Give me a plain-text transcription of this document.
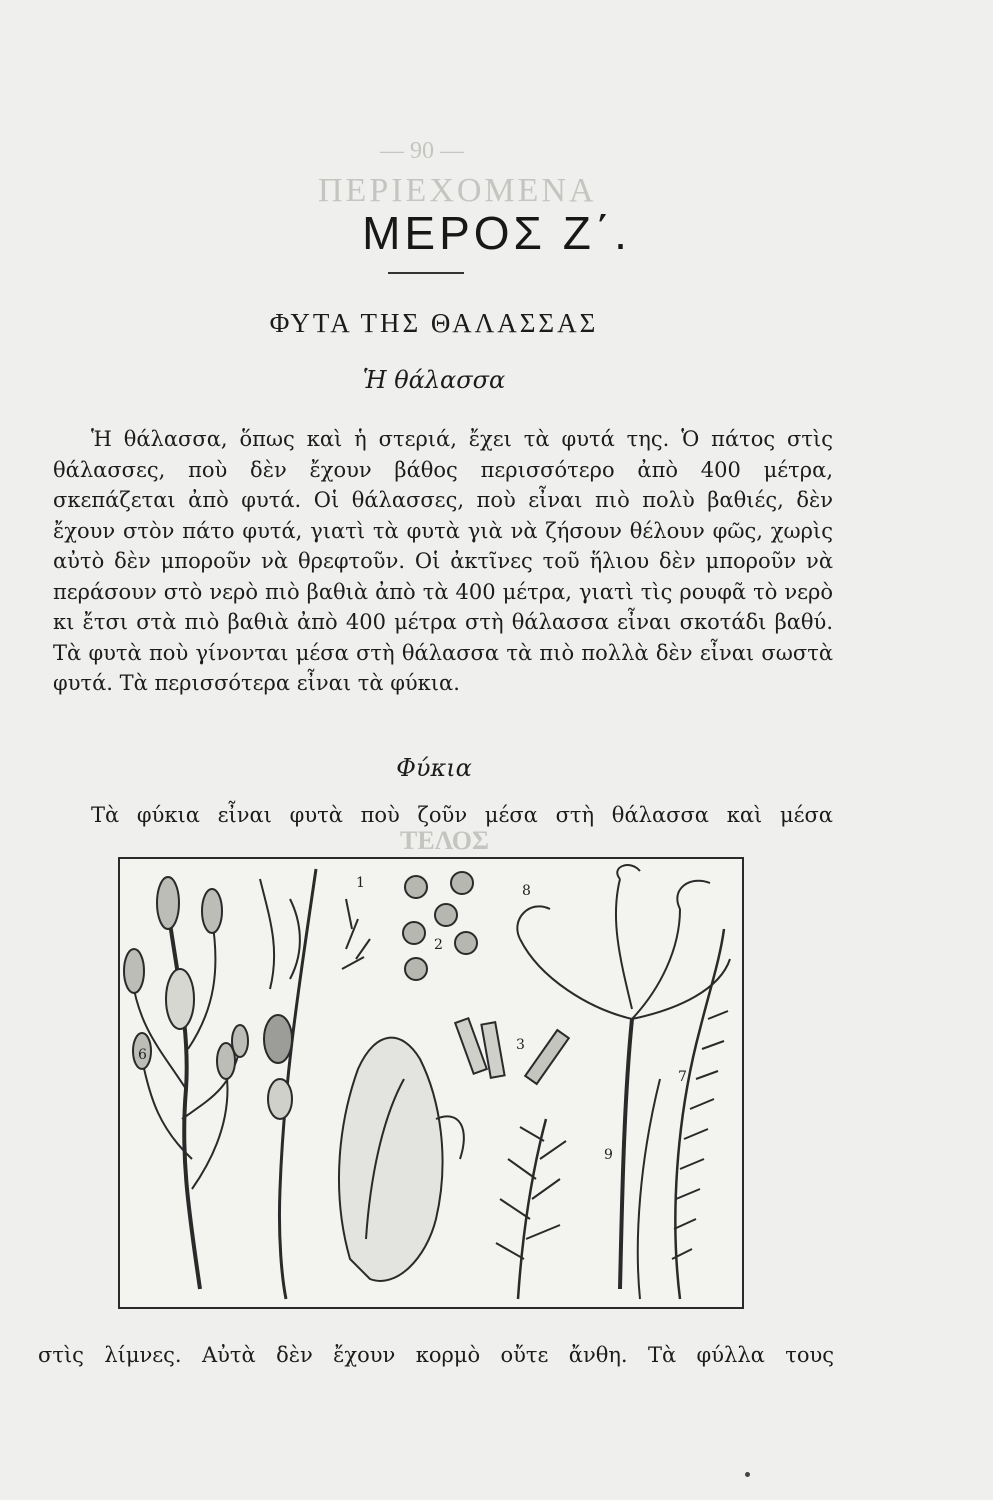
— 90 —
ΠΕΡΙΕΧΟΜΕΝΑ
ΤΕΛΟΣ
ΜΕΡΟΣ Ζ΄.
ΦΥΤΑ ΤΗΣ ΘΑΛΑΣΣΑΣ
Ἡ θάλασσα

Ἡ θάλασσα, ὅπως καὶ ἡ στεριά, ἔχει τὰ φυτά της. Ὁ πάτος στὶς θάλασσες, ποὺ δὲν ἔχουν βάθος περισσότερο ἀπὸ 400 μέτρα, σκεπάζεται ἀπὸ φυτά. Οἱ θάλασσες, ποὺ εἶναι πιὸ πολὺ βαθιές, δὲν ἔχουν στὸν πάτο φυτά, γιατὶ τὰ φυτὰ γιὰ νὰ ζήσουν θέλουν φῶς, χωρὶς αὐτὸ δὲν μποροῦν νὰ θρεφτοῦν. Οἱ ἀκτῖνες τοῦ ἥλιου δὲν μποροῦν νὰ περάσουν στὸ νερὸ πιὸ βαθιὰ ἀπὸ τὰ 400 μέτρα, γιατὶ τὶς ρουφᾶ τὸ νερὸ κι ἔτσι στὰ πιὸ βαθιὰ ἀπὸ 400 μέτρα στὴ θάλασσα εἶναι σκοτάδι βαθύ. Τὰ φυτὰ ποὺ γίνονται μέσα στὴ θάλασσα τὰ πιὸ πολλὰ δὲν εἶναι σωστὰ φυτά. Τὰ περισσότερα εἶναι τὰ φύκια.

Φύκια

Τὰ φύκια εἶναι φυτὰ ποὺ ζοῦν μέσα στὴ θάλασσα καὶ μέσα

6
1
2
3
8
9
7

στὶς λίμνες. Αὐτὰ δὲν ἔχουν κορμὸ οὔτε ἄνθη. Τὰ φύλλα τους
